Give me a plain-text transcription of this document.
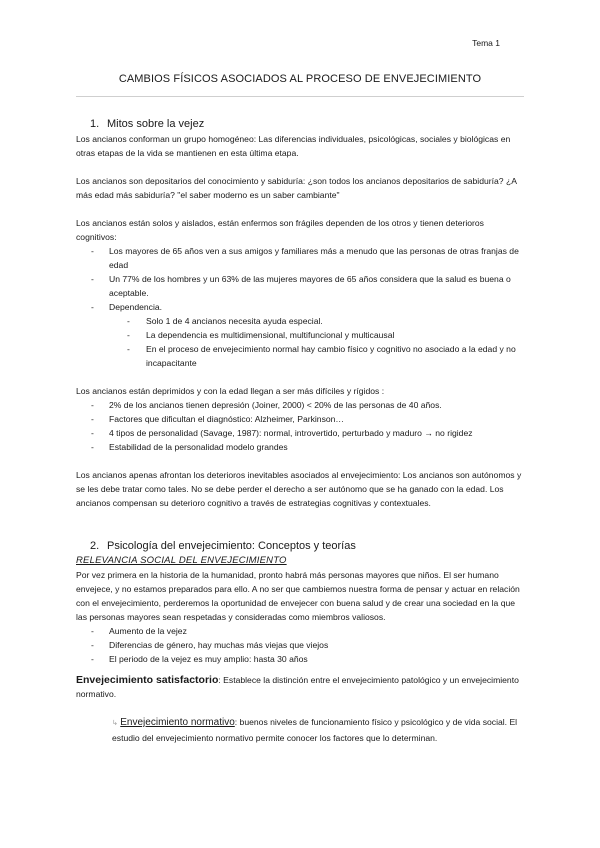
Tema 1
CAMBIOS FÍSICOS ASOCIADOS AL PROCESO DE ENVEJECIMIENTO

1. Mitos sobre la vejez

Los ancianos conforman un grupo homogéneo: Las diferencias individuales, psicológicas, sociales y biológicas en otras etapas de la vida se mantienen en esta última etapa.

Los ancianos son depositarios del conocimiento y sabiduría: ¿son todos los ancianos depositarios de sabiduría? ¿A más edad más sabiduría? "el saber moderno es un saber cambiante"

Los ancianos están solos y aislados, están enfermos son frágiles dependen de los otros y tienen deterioros cognitivos:

- Los mayores de 65 años ven a sus amigos y familiares más a menudo que las personas de otras franjas de edad
- Un 77% de los hombres y un 63% de las mujeres mayores de 65 años considera que la salud es buena o aceptable.
- Dependencia.
- Solo 1 de 4 ancianos necesita ayuda especial.
- La dependencia es multidimensional, multifuncional y multicausal
- En el proceso de envejecimiento normal hay cambio físico y cognitivo no asociado a la edad y no incapacitante

Los ancianos están deprimidos y con la edad llegan a ser más difíciles y rígidos :

- 2% de los ancianos tienen depresión (Joiner, 2000) < 20% de las personas de 40 años.
- Factores que dificultan el diagnóstico: Alzheimer, Parkinson…
- 4 tipos de personalidad (Savage, 1987): normal, introvertido, perturbado y maduro → no rigidez
- Estabilidad de la personalidad modelo grandes

Los ancianos apenas afrontan los deterioros inevitables asociados al envejecimiento: Los ancianos son autónomos y se les debe tratar como tales. No se debe perder el derecho a ser autónomo que se ha ganado con la edad. Los ancianos compensan su deterioro cognitivo a través de estrategias cognitivas y contextuales.

2. Psicología del envejecimiento: Conceptos y teorías

RELEVANCIA SOCIAL DEL ENVEJECIMIENTO

Por vez primera en la historia de la humanidad, pronto habrá más personas mayores que niños. El ser humano envejece, y no estamos preparados para ello. A no ser que cambiemos nuestra forma de pensar y actuar en relación con el envejecimiento, perderemos la oportunidad de envejecer con buena salud y de crear una sociedad en la que las personas mayores sean respetadas y consideradas como miembros valiosos.

- Aumento de la vejez
- Diferencias de género, hay muchas más viejas que viejos
- El periodo de la vejez es muy amplio: hasta 30 años

Envejecimiento satisfactorio: Establece la distinción entre el envejecimiento patológico y un envejecimiento normativo.

↳ Envejecimiento normativo: buenos niveles de funcionamiento físico y psicológico y de vida social. El estudio del envejecimiento normativo permite conocer los factores que lo determinan.
